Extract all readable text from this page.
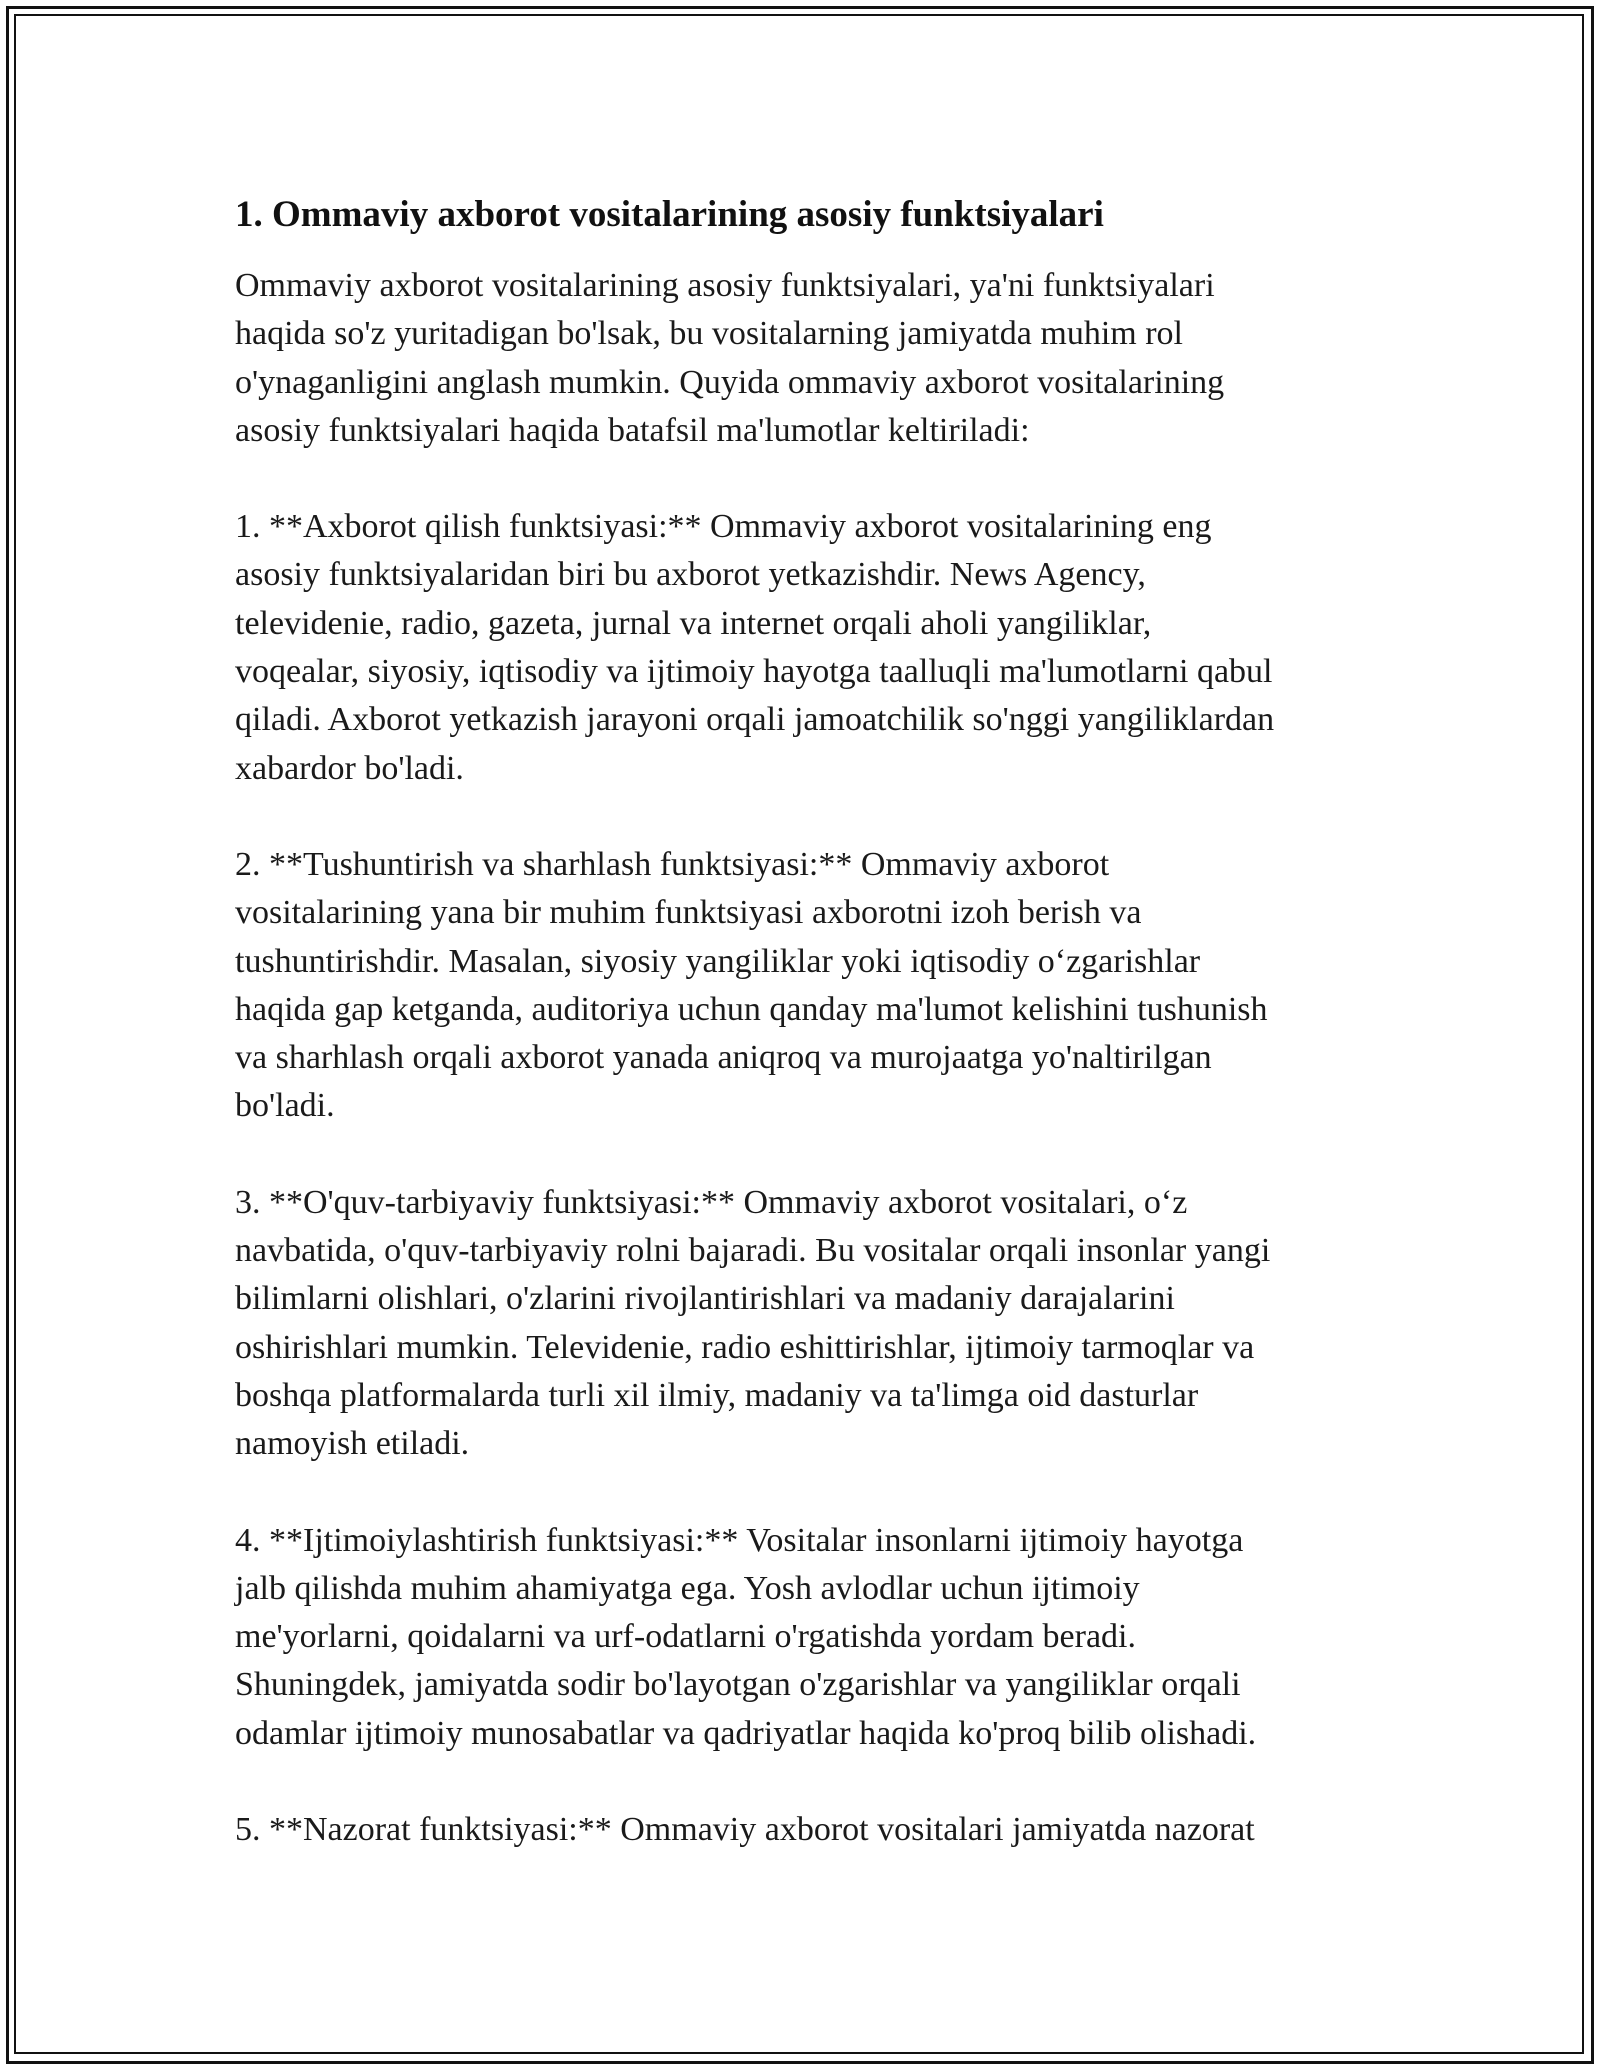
1. Ommaviy axborot vositalarining asosiy funktsiyalari

Ommaviy axborot vositalarining asosiy funktsiyalari, ya'ni funktsiyalari
haqida so'z yuritadigan bo'lsak, bu vositalarning jamiyatda muhim rol
o'ynaganligini anglash mumkin. Quyida ommaviy axborot vositalarining
asosiy funktsiyalari haqida batafsil ma'lumotlar keltiriladi:

1. **Axborot qilish funktsiyasi:** Ommaviy axborot vositalarining eng
asosiy funktsiyalaridan biri bu axborot yetkazishdir. News Agency,
televidenie, radio, gazeta, jurnal va internet orqali aholi yangiliklar,
voqealar, siyosiy, iqtisodiy va ijtimoiy hayotga taalluqli ma'lumotlarni qabul
qiladi. Axborot yetkazish jarayoni orqali jamoatchilik so'nggi yangiliklardan
xabardor bo'ladi.

2. **Tushuntirish va sharhlash funktsiyasi:** Ommaviy axborot
vositalarining yana bir muhim funktsiyasi axborotni izoh berish va
tushuntirishdir. Masalan, siyosiy yangiliklar yoki iqtisodiy o‘zgarishlar
haqida gap ketganda, auditoriya uchun qanday ma'lumot kelishini tushunish
va sharhlash orqali axborot yanada aniqroq va murojaatga yo'naltirilgan
bo'ladi.

3. **O'quv-tarbiyaviy funktsiyasi:** Ommaviy axborot vositalari, o‘z
navbatida, o'quv-tarbiyaviy rolni bajaradi. Bu vositalar orqali insonlar yangi
bilimlarni olishlari, o'zlarini rivojlantirishlari va madaniy darajalarini
oshirishlari mumkin. Televidenie, radio eshittirishlar, ijtimoiy tarmoqlar va
boshqa platformalarda turli xil ilmiy, madaniy va ta'limga oid dasturlar
namoyish etiladi.

4. **Ijtimoiylashtirish funktsiyasi:** Vositalar insonlarni ijtimoiy hayotga
jalb qilishda muhim ahamiyatga ega. Yosh avlodlar uchun ijtimoiy
me'yorlarni, qoidalarni va urf-odatlarni o'rgatishda yordam beradi.
Shuningdek, jamiyatda sodir bo'layotgan o'zgarishlar va yangiliklar orqali
odamlar ijtimoiy munosabatlar va qadriyatlar haqida ko'proq bilib olishadi.

5. **Nazorat funktsiyasi:** Ommaviy axborot vositalari jamiyatda nazorat
